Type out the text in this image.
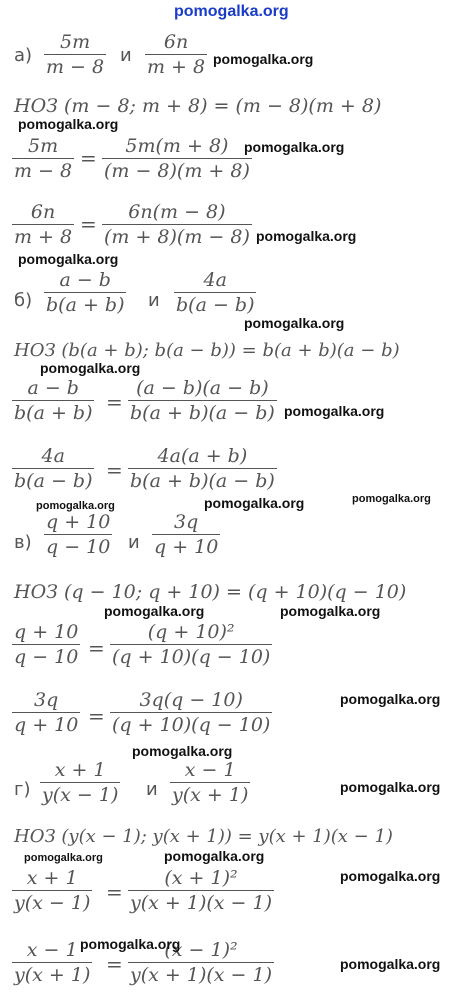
pomogalka.org
а)
5m
m − 8
и
6n
m + 8 pomogalka.org
НОЗ (m − 8; m + 8) = (m − 8)(m + 8)
pomogalka.org
5m
m − 8
= 5m(m + 8)
(m − 8)(m + 8)
pomogalka.org
6n
m + 8
= 6n(m − 8)
(m + 8)(m − 8) pomogalka.org
pomogalka.org
б)
a − b
b(a + b) и
4a
b(a − b)
pomogalka.org
НОЗ (b(a + b); b(a − b)) = b(a + b)(a − b)
pomogalka.org
a − b
b(a + b) =
(a − b)(a − b)
b(a + b)(a − b) pomogalka.org
4a
b(a − b) =
4a(a + b)
b(a + b)(a − b)
pomogalka.org
pomogalka.org	pomogalka.org
в)
q + 10
q − 10 и
3q
q + 10
НОЗ (q − 10; q + 10) = (q + 10)(q − 10)
pomogalka.org	pomogalka.org
q + 10
q − 10 =
(q + 10)²
(q + 10)(q − 10)
3q
q + 10 =
3q(q − 10)
(q + 10)(q − 10)
pomogalka.org
pomogalka.org
г)
x + 1
y(x − 1) и
x − 1
y(x + 1)	pomogalka.org
НОЗ (y(x − 1); y(x + 1)) = y(x + 1)(x − 1)
pomogalka.org	pomogalka.org
x + 1
y(x − 1) =
(x + 1)²
y(x + 1)(x − 1)
pomogalka.org
x − 1
y(x + 1) =
(x − 1)²
y(x + 1)(x − 1)
pomogalka.org
pomogalka.org
